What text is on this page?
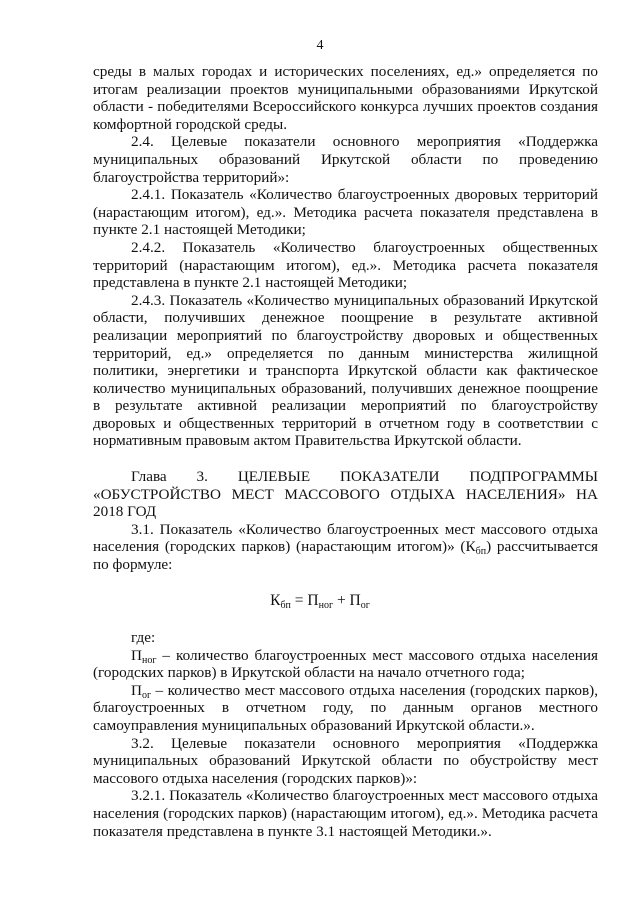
4

среды в малых городах и исторических поселениях, ед.» определяется по итогам реализации проектов муниципальными образованиями Иркутской области - победителями Всероссийского конкурса лучших проектов создания комфортной городской среды.

2.4. Целевые показатели основного мероприятия «Поддержка муниципальных образований Иркутской области по проведению благоустройства территорий»:

2.4.1. Показатель «Количество благоустроенных дворовых территорий (нарастающим итогом), ед.». Методика расчета показателя представлена в пункте 2.1 настоящей Методики;

2.4.2. Показатель «Количество благоустроенных общественных территорий (нарастающим итогом), ед.». Методика расчета показателя представлена в пункте 2.1 настоящей Методики;

2.4.3. Показатель «Количество муниципальных образований Иркутской области, получивших денежное поощрение в результате активной реализации мероприятий по благоустройству дворовых и общественных территорий, ед.» определяется по данным министерства жилищной политики, энергетики и транспорта Иркутской области как фактическое количество муниципальных образований, получивших денежное поощрение в результате активной реализации мероприятий по благоустройству дворовых и общественных территорий в отчетном году в соответствии с нормативным правовым актом Правительства Иркутской области.

Глава 3. ЦЕЛЕВЫЕ ПОКАЗАТЕЛИ ПОДПРОГРАММЫ «ОБУСТРОЙСТВО МЕСТ МАССОВОГО ОТДЫХА НАСЕЛЕНИЯ» НА 2018 ГОД

3.1. Показатель «Количество благоустроенных мест массового отдыха населения (городских парков) (нарастающим итогом)» $(К_{бп})$ рассчитывается по формуле:

$К_{бп} = П_{ног} + П_{ог}$

где:

$П_{ног}$ – количество благоустроенных мест массового отдыха населения (городских парков) в Иркутской области на начало отчетного года;

$П_{ог}$ – количество мест массового отдыха населения (городских парков), благоустроенных в отчетном году, по данным органов местного самоуправления муниципальных образований Иркутской области.».

3.2. Целевые показатели основного мероприятия «Поддержка муниципальных образований Иркутской области по обустройству мест массового отдыха населения (городских парков)»:

3.2.1. Показатель «Количество благоустроенных мест массового отдыха населения (городских парков) (нарастающим итогом), ед.». Методика расчета показателя представлена в пункте 3.1 настоящей Методики.».
